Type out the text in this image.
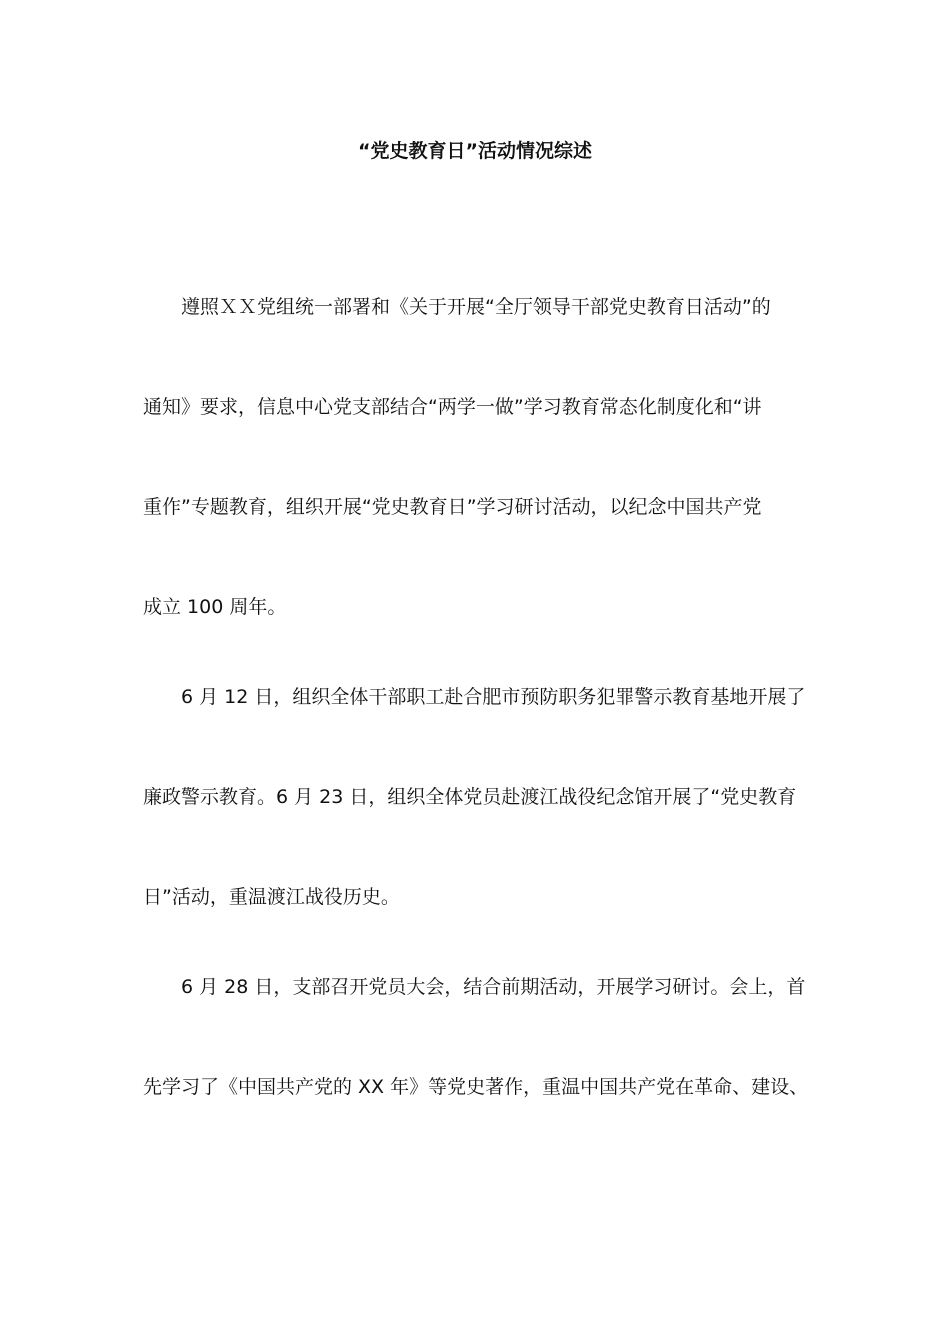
“党史教育日”活动情况综述

遵照ＸＸ党组统一部署和《关于开展“全厅领导干部党史教育日活动”的

通知》要求，信息中心党支部结合“两学一做”学习教育常态化制度化和“讲

重作”专题教育，组织开展“党史教育日”学习研讨活动，以纪念中国共产党

成立 100 周年。

6 月 12 日，组织全体干部职工赴合肥市预防职务犯罪警示教育基地开展了

廉政警示教育。6 月 23 日，组织全体党员赴渡江战役纪念馆开展了“党史教育

日”活动，重温渡江战役历史。

6 月 28 日，支部召开党员大会，结合前期活动，开展学习研讨。会上，首

先学习了《中国共产党的 XX 年》等党史著作，重温中国共产党在革命、建设、
